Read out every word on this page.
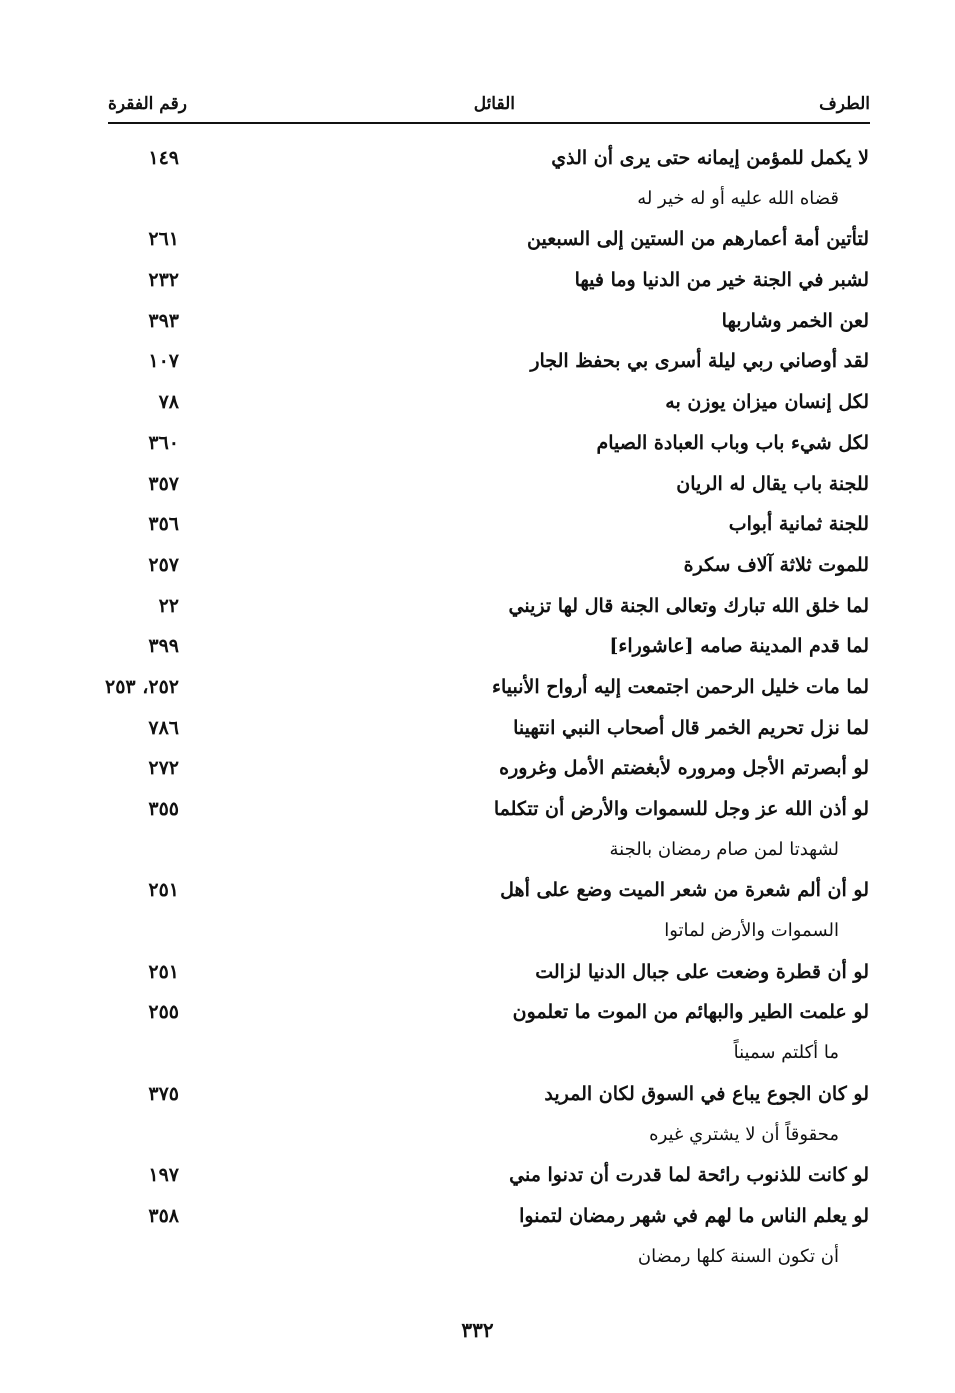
الطرف
القائل
رقم الفقرة
لا يكمل للمؤمن إيمانه حتى يرى أن الذي
قضاه الله عليه أو له خير له
١٤٩
لتأتين أمة أعمارهم من الستين إلى السبعين
٢٦١
لشبر في الجنة خير من الدنيا وما فيها
٢٣٢
لعن الخمر وشاربها
٣٩٣
لقد أوصاني ربي ليلة أسرى بي بحفظ الجار
١٠٧
لكل إنسان ميزان يوزن به
٧٨
لكل شيء باب وباب العبادة الصيام
٣٦٠
للجنة باب يقال له الريان
٣٥٧
للجنة ثمانية أبواب
٣٥٦
للموت ثلاثة آلاف سكرة
٢٥٧
لما خلق الله تبارك وتعالى الجنة قال لها تزيني
٢٢
لما قدم المدينة صامه [عاشوراء]
٣٩٩
لما مات خليل الرحمن اجتمعت إليه أرواح الأنبياء
٢٥٢، ٢٥٣
لما نزل تحريم الخمر قال أصحاب النبي انتهينا
٧٨٦
لو أبصرتم الأجل ومروره لأبغضتم الأمل وغروره
٢٧٢
لو أذن الله عز وجل للسموات والأرض أن تتكلما
لشهدتا لمن صام رمضان بالجنة
٣٥٥
لو أن ألم شعرة من شعر الميت وضع على أهل
السموات والأرض لماتوا
٢٥١
لو أن قطرة وضعت على جبال الدنيا لزالت
٢٥١
لو علمت الطير والبهائم من الموت ما تعلمون
ما أكلتم سميناً
٢٥٥
لو كان الجوع يباع في السوق لكان المريد
محقوقاً أن لا يشتري غيره
٣٧٥
لو كانت للذنوب رائحة لما قدرت أن تدنوا مني
١٩٧
لو يعلم الناس ما لهم في شهر رمضان لتمنوا
أن تكون السنة كلها رمضان
٣٥٨
٣٣٢
